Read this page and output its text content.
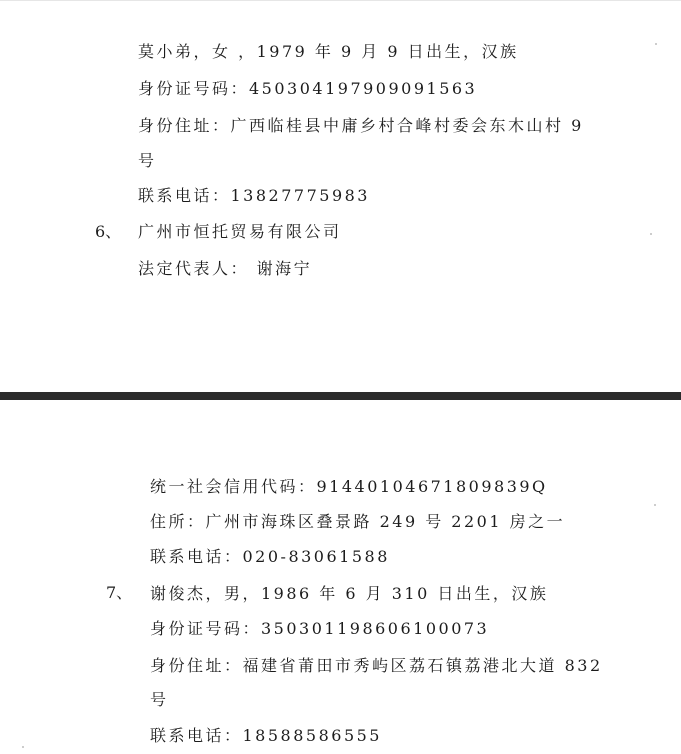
莫小弟，女 ，1979 年 9 月 9 日出生，汉族
身份证号码：450304197909091563
身份住址：广西临桂县中庸乡村合峰村委会东木山村 9
号
联系电话：13827775983
6、 广州市恒托贸易有限公司
法定代表人： 谢海宁
统一社会信用代码：91440104671809839Q
住所：广州市海珠区叠景路 249 号 2201 房之一
联系电话：020-83061588
7、 谢俊杰，男，1986 年 6 月 310 日出生，汉族
身份证号码：350301198606100073
身份住址：福建省莆田市秀屿区荔石镇荔港北大道 832
号
联系电话：18588586555
